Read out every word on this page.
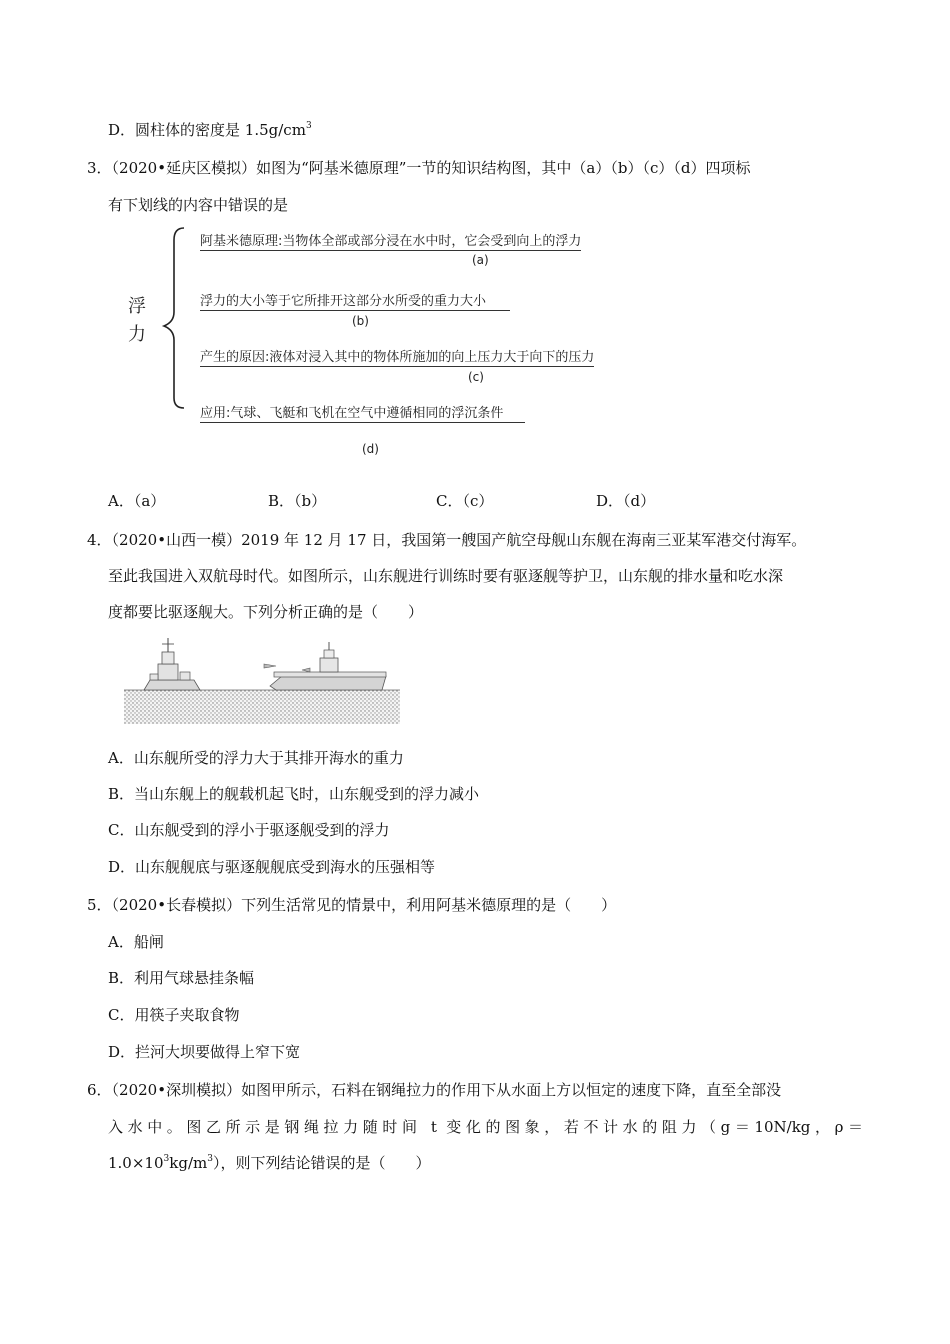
D．圆柱体的密度是 $1.5g/cm^3$
3．（2020•延庆区模拟）如图为“阿基米德原理”一节的知识结构图，其中（a）（b）（c）（d）四项标
有下划线的内容中错误的是
浮
力
阿基米德原理:当物体全部或部分浸在水中时，它会受到向上的浮力
(a)
浮力的大小等于它所排开这部分水所受的重力大小
(b)
产生的原因:液体对浸入其中的物体所施加的向上压力大于向下的压力
(c)
应用:气球、飞艇和飞机在空气中遵循相同的浮沉条件
(d)
A．（a）	B．（b）	C．（c）	D．（d）
4．（2020•山西一模）2019 年 12 月 17 日，我国第一艘国产航空母舰山东舰在海南三亚某军港交付海军。
至此我国进入双航母时代。如图所示，山东舰进行训练时要有驱逐舰等护卫，山东舰的排水量和吃水深
度都要比驱逐舰大。下列分析正确的是（　　）
A．山东舰所受的浮力大于其排开海水的重力
B．当山东舰上的舰载机起飞时，山东舰受到的浮力减小
C．山东舰受到的浮小于驱逐舰受到的浮力
D．山东舰舰底与驱逐舰舰底受到海水的压强相等
5．（2020•长春模拟）下列生活常见的情景中，利用阿基米德原理的是（　　）
A．船闸
B．利用气球悬挂条幅
C．用筷子夹取食物
D．拦河大坝要做得上窄下宽
6．（2020•深圳模拟）如图甲所示，石料在钢绳拉力的作用下从水面上方以恒定的速度下降，直至全部没
入水中。图乙所示是钢绳拉力随时间 t 变化的图象，若不计水的阻力（g＝10N/kg，ρ＝
$1.0\times 10^3kg/m^3$），则下列结论错误的是（　　）
